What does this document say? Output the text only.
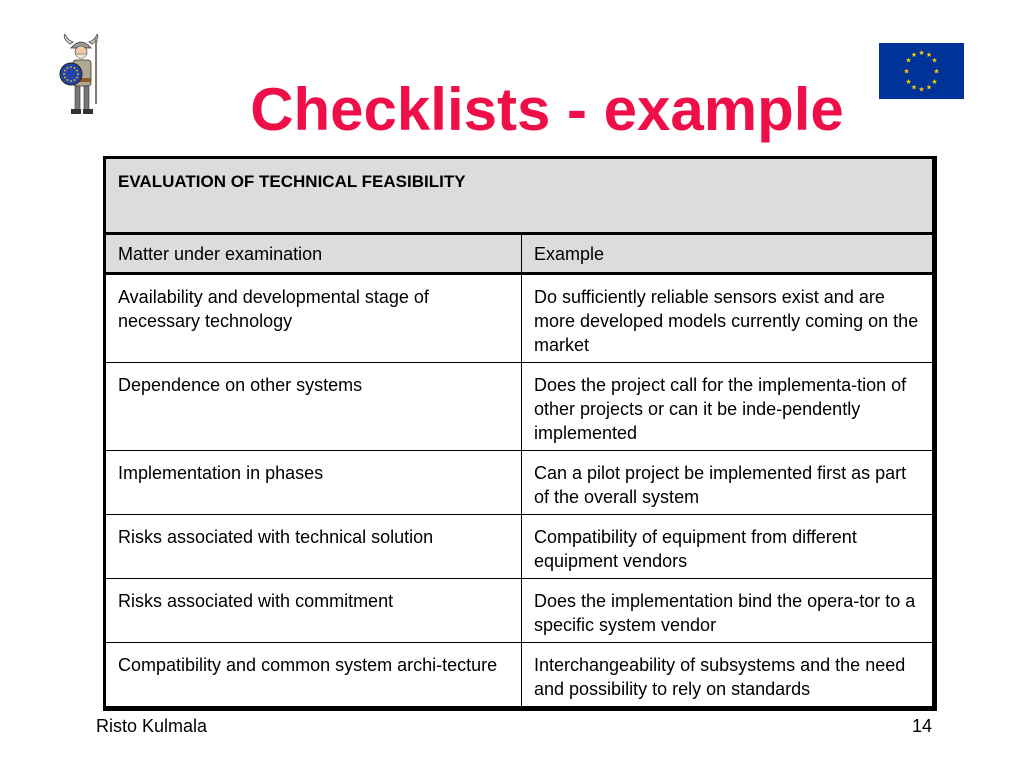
★ ★
★
★
★
★
★
★
★
★
★
★
Checklists - example
EVALUATION OF TECHNICAL FEASIBILITY	
Matter under examination	Example
Availability and developmental stage of necessary technology	Do sufficiently reliable sensors exist and are more developed models currently coming on the market
Dependence on other systems	Does the project call for the implementa-tion of other projects or can it be inde-pendently implemented
Implementation in phases	Can a pilot project be implemented first as part of the overall system
Risks associated with technical solution	Compatibility of equipment from different equipment vendors
Risks associated with commitment	Does the implementation bind the opera-tor to a specific system vendor
Compatibility and common system archi-tecture	Interchangeability of subsystems and the need and possibility to rely on standards
Risto Kulmala	14
